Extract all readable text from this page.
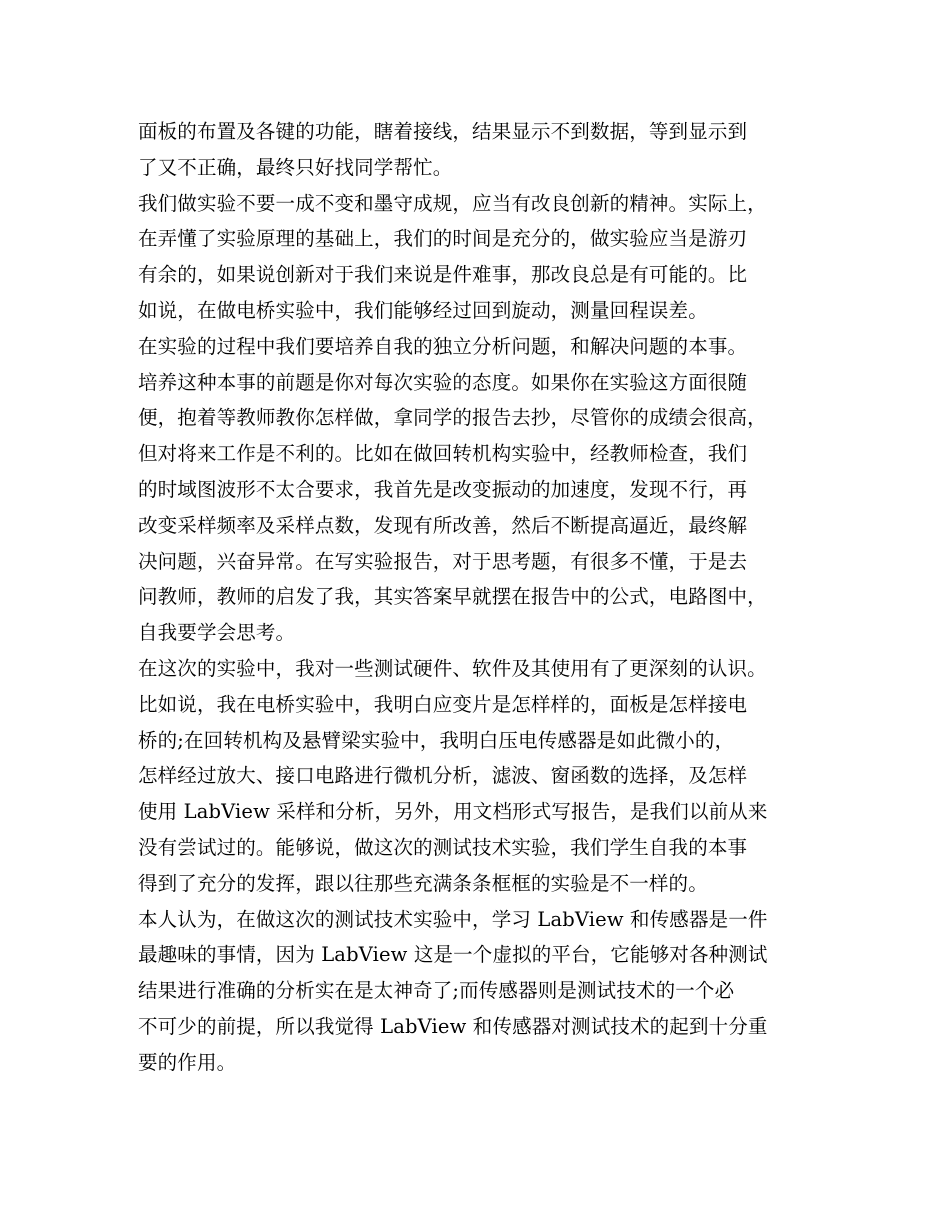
面板的布置及各键的功能，瞎着接线，结果显示不到数据，等到显示到
了又不正确，最终只好找同学帮忙。
我们做实验不要一成不变和墨守成规，应当有改良创新的精神。实际上，
在弄懂了实验原理的基础上，我们的时间是充分的，做实验应当是游刃
有余的，如果说创新对于我们来说是件难事，那改良总是有可能的。比
如说，在做电桥实验中，我们能够经过回到旋动，测量回程误差。
在实验的过程中我们要培养自我的独立分析问题，和解决问题的本事。
培养这种本事的前题是你对每次实验的态度。如果你在实验这方面很随
便，抱着等教师教你怎样做，拿同学的报告去抄，尽管你的成绩会很高，
但对将来工作是不利的。比如在做回转机构实验中，经教师检查，我们
的时域图波形不太合要求，我首先是改变振动的加速度，发现不行，再
改变采样频率及采样点数，发现有所改善，然后不断提高逼近，最终解
决问题，兴奋异常。在写实验报告，对于思考题，有很多不懂，于是去
问教师，教师的启发了我，其实答案早就摆在报告中的公式，电路图中，
自我要学会思考。
在这次的实验中，我对一些测试硬件、软件及其使用有了更深刻的认识。
比如说，我在电桥实验中，我明白应变片是怎样样的，面板是怎样接电
桥的;在回转机构及悬臂梁实验中，我明白压电传感器是如此微小的，
怎样经过放大、接口电路进行微机分析，滤波、窗函数的选择，及怎样
使用 LabView 采样和分析，另外，用文档形式写报告，是我们以前从来
没有尝试过的。能够说，做这次的测试技术实验，我们学生自我的本事
得到了充分的发挥，跟以往那些充满条条框框的实验是不一样的。
本人认为，在做这次的测试技术实验中，学习 LabView 和传感器是一件
最趣味的事情，因为 LabView 这是一个虚拟的平台，它能够对各种测试
结果进行准确的分析实在是太神奇了;而传感器则是测试技术的一个必
不可少的前提，所以我觉得 LabView 和传感器对测试技术的起到十分重
要的作用。
